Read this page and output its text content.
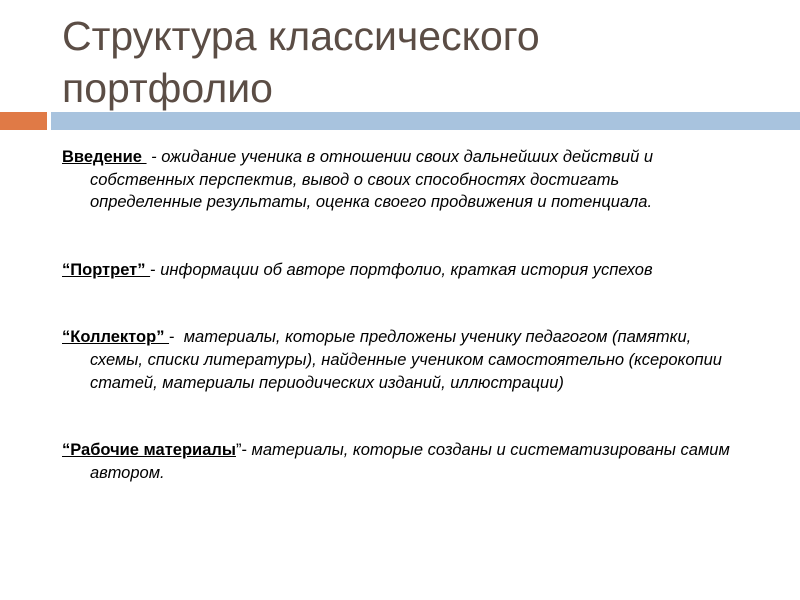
Структура классического
портфолио

Введение  - ожидание ученика в отношении своих дальнейших действий и собственных перспектив, вывод о своих способностях достигать определенные результаты, оценка своего продвижения и потенциала.

“Портрет” - информации об авторе портфолио, краткая история успехов

“Коллектор” -  материалы, которые предложены ученику педагогом (памятки, схемы, списки литературы), найденные учеником самостоятельно (ксерокопии статей, материалы периодических изданий, иллюстрации)

“Рабочие материалы”- материалы, которые созданы и систематизированы самим автором.
